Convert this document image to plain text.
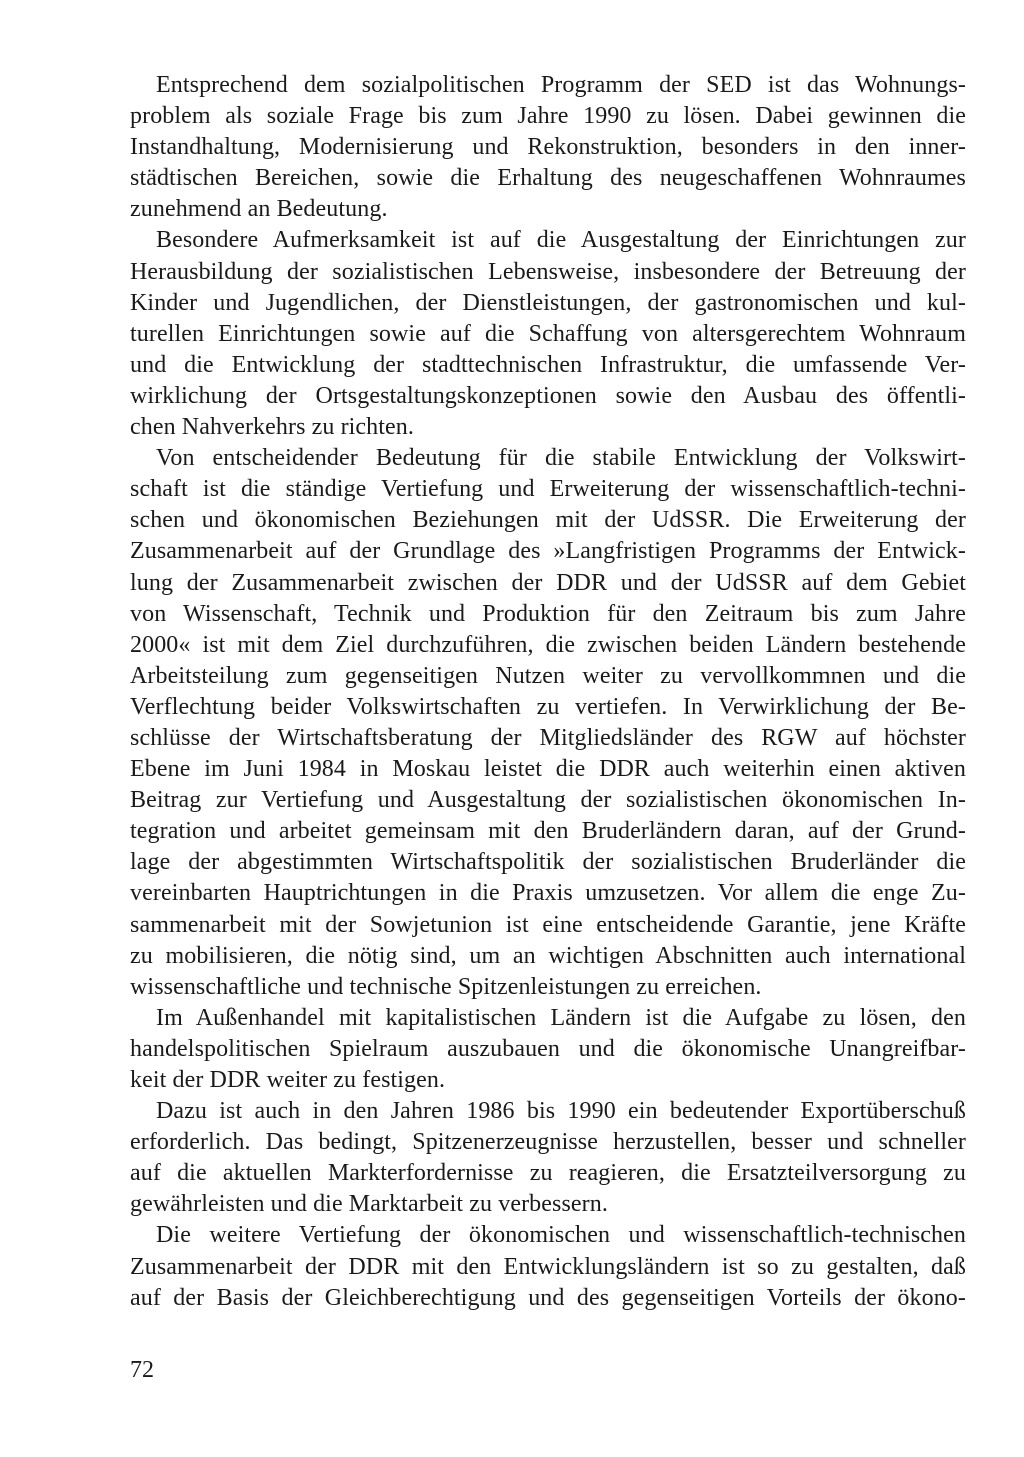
Entsprechend dem sozialpolitischen Programm der SED ist das Wohnungs-
problem als soziale Frage bis zum Jahre 1990 zu lösen. Dabei gewinnen die
Instandhaltung, Modernisierung und Rekonstruktion, besonders in den inner-
städtischen Bereichen, sowie die Erhaltung des neugeschaffenen Wohnraumes
zunehmend an Bedeutung.
Besondere Aufmerksamkeit ist auf die Ausgestaltung der Einrichtungen zur
Herausbildung der sozialistischen Lebensweise, insbesondere der Betreuung der
Kinder und Jugendlichen, der Dienstleistungen, der gastronomischen und kul-
turellen Einrichtungen sowie auf die Schaffung von altersgerechtem Wohnraum
und die Entwicklung der stadttechnischen Infrastruktur, die umfassende Ver-
wirklichung der Ortsgestaltungskonzeptionen sowie den Ausbau des öffentli-
chen Nahverkehrs zu richten.
Von entscheidender Bedeutung für die stabile Entwicklung der Volkswirt-
schaft ist die ständige Vertiefung und Erweiterung der wissenschaftlich-techni-
schen und ökonomischen Beziehungen mit der UdSSR. Die Erweiterung der
Zusammenarbeit auf der Grundlage des »Langfristigen Programms der Entwick-
lung der Zusammenarbeit zwischen der DDR und der UdSSR auf dem Gebiet
von Wissenschaft, Technik und Produktion für den Zeitraum bis zum Jahre
2000« ist mit dem Ziel durchzuführen, die zwischen beiden Ländern bestehende
Arbeitsteilung zum gegenseitigen Nutzen weiter zu vervollkommnen und die
Verflechtung beider Volkswirtschaften zu vertiefen. In Verwirklichung der Be-
schlüsse der Wirtschaftsberatung der Mitgliedsländer des RGW auf höchster
Ebene im Juni 1984 in Moskau leistet die DDR auch weiterhin einen aktiven
Beitrag zur Vertiefung und Ausgestaltung der sozialistischen ökonomischen In-
tegration und arbeitet gemeinsam mit den Bruderländern daran, auf der Grund-
lage der abgestimmten Wirtschaftspolitik der sozialistischen Bruderländer die
vereinbarten Hauptrichtungen in die Praxis umzusetzen. Vor allem die enge Zu-
sammenarbeit mit der Sowjetunion ist eine entscheidende Garantie, jene Kräfte
zu mobilisieren, die nötig sind, um an wichtigen Abschnitten auch international
wissenschaftliche und technische Spitzenleistungen zu erreichen.
Im Außenhandel mit kapitalistischen Ländern ist die Aufgabe zu lösen, den
handelspolitischen Spielraum auszubauen und die ökonomische Unangreifbar-
keit der DDR weiter zu festigen.
Dazu ist auch in den Jahren 1986 bis 1990 ein bedeutender Exportüberschuß
erforderlich. Das bedingt, Spitzenerzeugnisse herzustellen, besser und schneller
auf die aktuellen Markterfordernisse zu reagieren, die Ersatzteilversorgung zu
gewährleisten und die Marktarbeit zu verbessern.
Die weitere Vertiefung der ökonomischen und wissenschaftlich-technischen
Zusammenarbeit der DDR mit den Entwicklungsländern ist so zu gestalten, daß
auf der Basis der Gleichberechtigung und des gegenseitigen Vorteils der ökono-
72
